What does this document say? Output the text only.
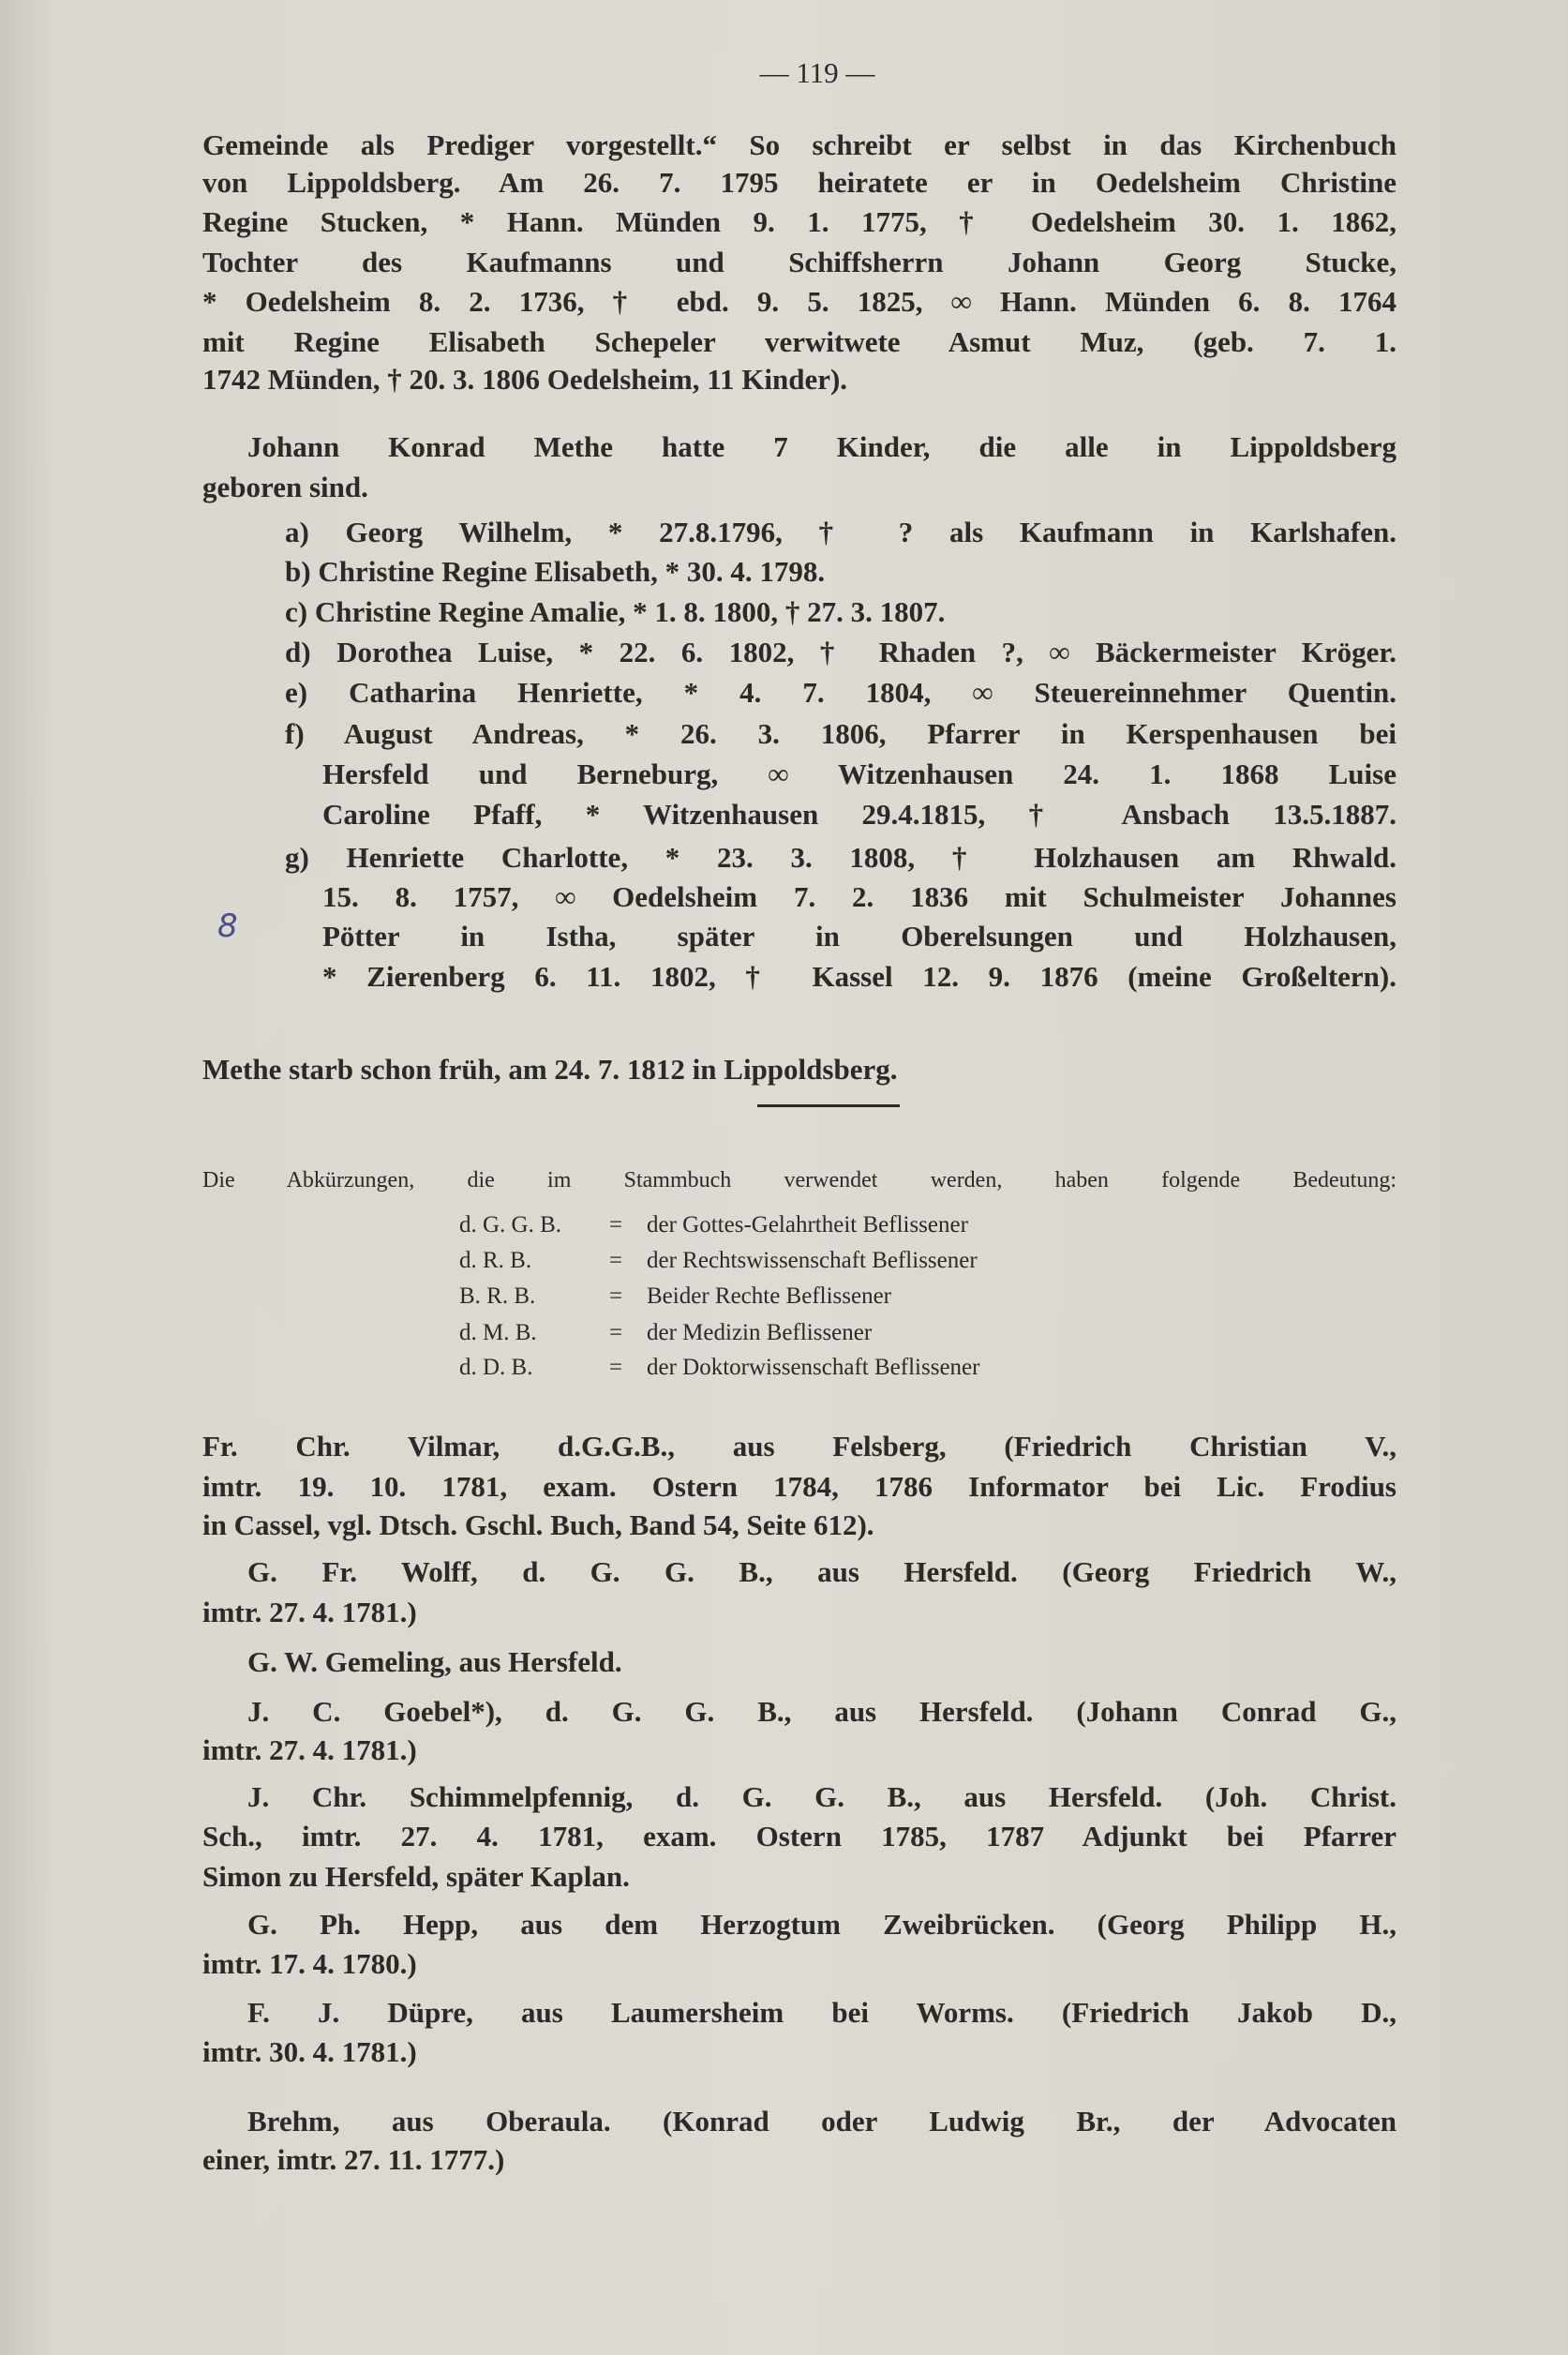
— 119 —
8
Gemeinde als Prediger vorgestellt.“ So schreibt er selbst in das Kirchenbuch
von Lippoldsberg. Am 26. 7. 1795 heiratete er in Oedelsheim Christine
Regine Stucken, * Hann. Münden 9. 1. 1775, † Oedelsheim 30. 1. 1862,
Tochter des Kaufmanns und Schiffsherrn Johann Georg Stucke,
* Oedelsheim 8. 2. 1736, † ebd. 9. 5. 1825, ∞ Hann. Münden 6. 8. 1764
mit Regine Elisabeth Schepeler verwitwete Asmut Muz, (geb. 7. 1.
1742 Münden, † 20. 3. 1806 Oedelsheim, 11 Kinder).
Johann Konrad Methe hatte 7 Kinder, die alle in Lippoldsberg
geboren sind.
a) Georg Wilhelm, * 27.8.1796, † ? als Kaufmann in Karlshafen.
b) Christine Regine Elisabeth, * 30. 4. 1798.
c) Christine Regine Amalie, * 1. 8. 1800, † 27. 3. 1807.
d) Dorothea Luise, * 22. 6. 1802, † Rhaden ?, ∞ Bäckermeister Kröger.
e) Catharina Henriette, * 4. 7. 1804, ∞ Steuereinnehmer Quentin.
f) August Andreas, * 26. 3. 1806, Pfarrer in Kerspenhausen bei
Hersfeld und Berneburg, ∞ Witzenhausen 24. 1. 1868 Luise
Caroline Pfaff, * Witzenhausen 29.4.1815, † Ansbach 13.5.1887.
g) Henriette Charlotte, * 23. 3. 1808, † Holzhausen am Rhwald.
15. 8. 1757, ∞ Oedelsheim 7. 2. 1836 mit Schulmeister Johannes
Pötter in Istha, später in Oberelsungen und Holzhausen,
* Zierenberg 6. 11. 1802, † Kassel 12. 9. 1876 (meine Großeltern).
Methe starb schon früh, am 24. 7. 1812 in Lippoldsberg.
Die Abkürzungen, die im Stammbuch verwendet werden, haben folgende Bedeutung:
Fr. Chr. Vilmar, d.G.G.B., aus Felsberg, (Friedrich Christian V.,
imtr. 19. 10. 1781, exam. Ostern 1784, 1786 Informator bei Lic. Frodius
in Cassel, vgl. Dtsch. Gschl. Buch, Band 54, Seite 612).
G. Fr. Wolff, d. G. G. B., aus Hersfeld. (Georg Friedrich W.,
imtr. 27. 4. 1781.)
G. W. Gemeling, aus Hersfeld.
J. C. Goebel*), d. G. G. B., aus Hersfeld. (Johann Conrad G.,
imtr. 27. 4. 1781.)
J. Chr. Schimmelpfennig, d. G. G. B., aus Hersfeld. (Joh. Christ.
Sch., imtr. 27. 4. 1781, exam. Ostern 1785, 1787 Adjunkt bei Pfarrer
Simon zu Hersfeld, später Kaplan.
G. Ph. Hepp, aus dem Herzogtum Zweibrücken. (Georg Philipp H.,
imtr. 17. 4. 1780.)
F. J. Düpre, aus Laumersheim bei Worms. (Friedrich Jakob D.,
imtr. 30. 4. 1781.)
Brehm, aus Oberaula. (Konrad oder Ludwig Br., der Advocaten
einer, imtr. 27. 11. 1777.)
d. G. G. B. = der Gottes-Gelahrtheit Beflissener
d. R. B.	= der Rechtswissenschaft Beflissener
B. R. B.	= Beider Rechte Beflissener
d. M. B.	= der Medizin Beflissener
d. D. B.	= der Doktorwissenschaft Beflissener
